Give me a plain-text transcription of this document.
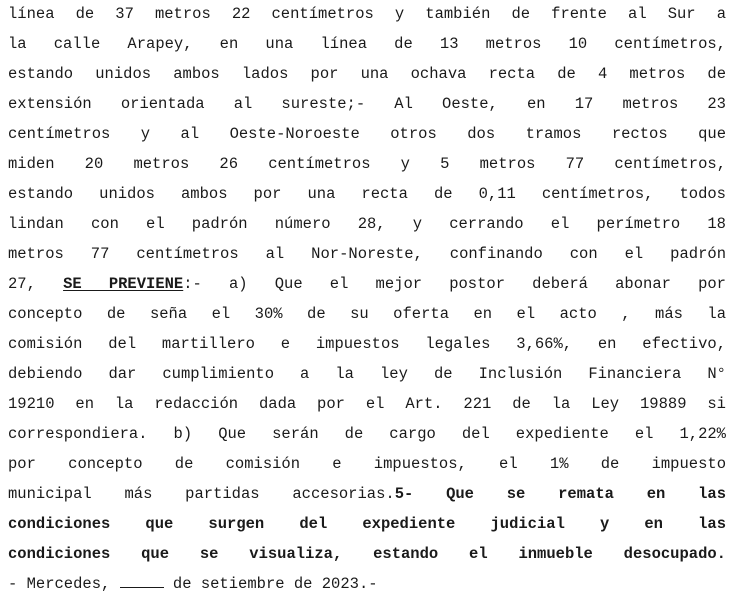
línea de 37 metros 22 centímetros y también de frente al Sur a
la calle Arapey, en una línea de 13 metros 10 centímetros,
estando unidos ambos lados por una ochava recta de 4 metros de
extensión orientada al sureste;- Al Oeste, en 17 metros 23
centímetros y al Oeste-Noroeste otros dos tramos rectos que
miden 20 metros 26 centímetros y 5 metros 77 centímetros,
estando unidos ambos por una recta de 0,11 centímetros, todos
lindan con el padrón número 28, y cerrando el perímetro 18
metros 77 centímetros al Nor-Noreste, confinando con el padrón
27, SE PREVIENE:- a) Que el mejor postor deberá abonar por
concepto de seña el 30% de su oferta en el acto , más la
comisión del martillero e impuestos legales 3,66%, en efectivo,
debiendo dar cumplimiento a la ley de Inclusión Financiera N°
19210 en la redacción dada por el Art. 221 de la Ley 19889 si
correspondiera. b) Que serán de cargo del expediente el 1,22%
por concepto de comisión e impuestos, el 1% de impuesto
municipal más partidas accesorias.5- Que se remata en las
condiciones que surgen del expediente judicial y en las
condiciones que se visualiza, estando el inmueble desocupado.
- Mercedes,	de setiembre de 2023.-
